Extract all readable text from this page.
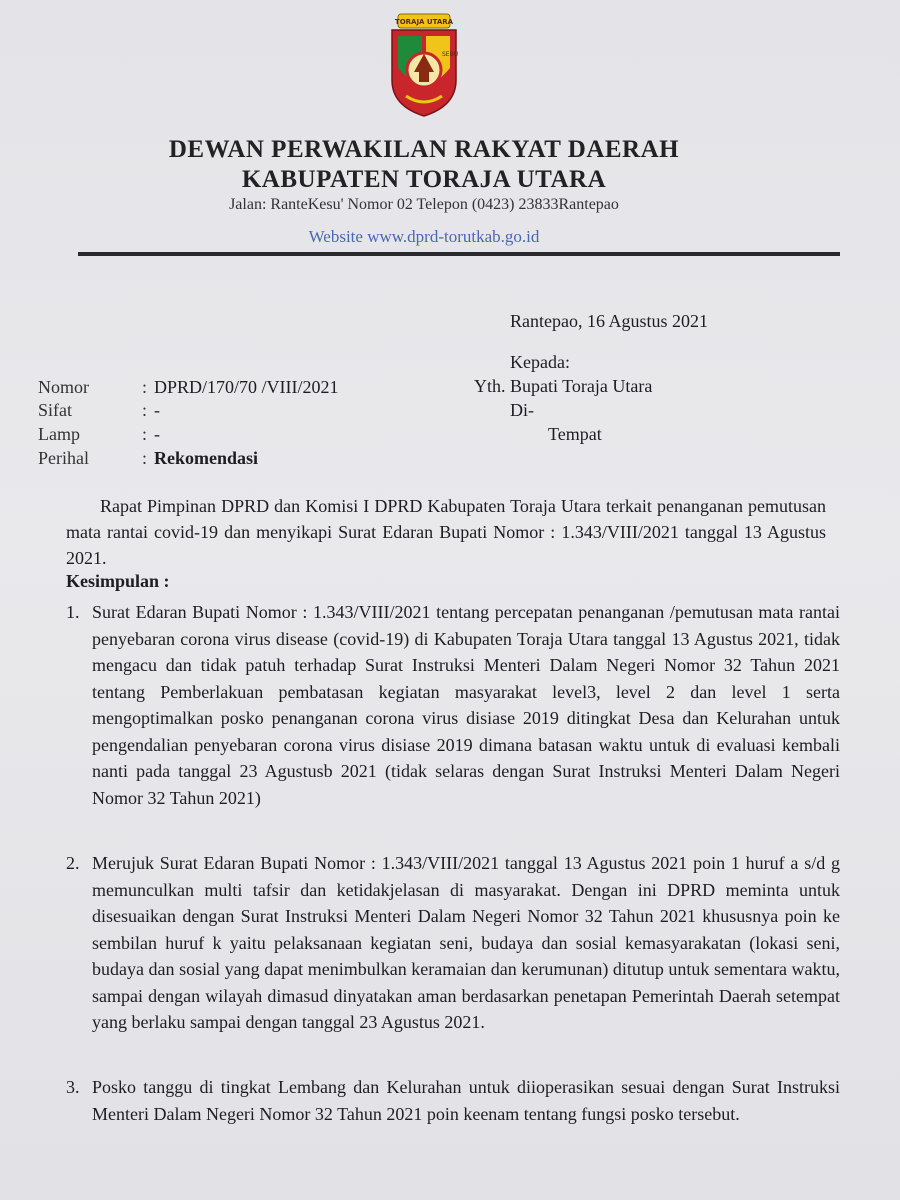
TORAJA UTARA
SEBU
DEWAN PERWAKILAN RAKYAT DAERAH
KABUPATEN TORAJA UTARA
Jalan: RanteKesu' Nomor 02 Telepon (0423) 23833Rantepao
Website www.dprd-torutkab.go.id
Rantepao, 16 Agustus 2021
Kepada:
Yth. Bupati Toraja Utara
Di-
Tempat
Nomor	: DPRD/170/70 /VIII/2021
Sifat	: -
Lamp	: -
Perihal	: Rekomendasi
Rapat Pimpinan DPRD dan Komisi I DPRD Kabupaten Toraja Utara terkait penanganan pemutusan mata rantai covid-19 dan menyikapi Surat Edaran Bupati Nomor : 1.343/VIII/2021 tanggal 13 Agustus 2021.
Kesimpulan :
1. Surat Edaran Bupati Nomor : 1.343/VIII/2021 tentang percepatan penanganan /pemutusan mata rantai penyebaran corona virus disease (covid-19) di Kabupaten Toraja Utara tanggal 13 Agustus 2021, tidak mengacu dan tidak patuh terhadap Surat Instruksi Menteri Dalam Negeri Nomor 32 Tahun 2021 tentang Pemberlakuan pembatasan kegiatan masyarakat level3, level 2 dan level 1 serta mengoptimalkan posko penanganan corona virus disiase 2019 ditingkat Desa dan Kelurahan untuk pengendalian penyebaran corona virus disiase 2019 dimana batasan waktu untuk di evaluasi kembali nanti pada tanggal 23 Agustusb 2021 (tidak selaras dengan Surat Instruksi Menteri Dalam Negeri Nomor 32 Tahun 2021)
2. Merujuk Surat Edaran Bupati Nomor : 1.343/VIII/2021 tanggal 13 Agustus 2021 poin 1 huruf a s/d g memunculkan multi tafsir dan ketidakjelasan di masyarakat. Dengan ini DPRD meminta untuk disesuaikan dengan Surat Instruksi Menteri Dalam Negeri Nomor 32 Tahun 2021 khususnya poin ke sembilan huruf k yaitu pelaksanaan kegiatan seni, budaya dan sosial kemasyarakatan (lokasi seni, budaya dan sosial yang dapat menimbulkan keramaian dan kerumunan) ditutup untuk sementara waktu, sampai dengan wilayah dimasud dinyatakan aman berdasarkan penetapan Pemerintah Daerah setempat yang berlaku sampai dengan tanggal 23 Agustus 2021.
3. Posko tanggu di tingkat Lembang dan Kelurahan untuk diioperasikan sesuai dengan Surat Instruksi Menteri Dalam Negeri Nomor 32 Tahun 2021 poin keenam tentang fungsi posko tersebut.
